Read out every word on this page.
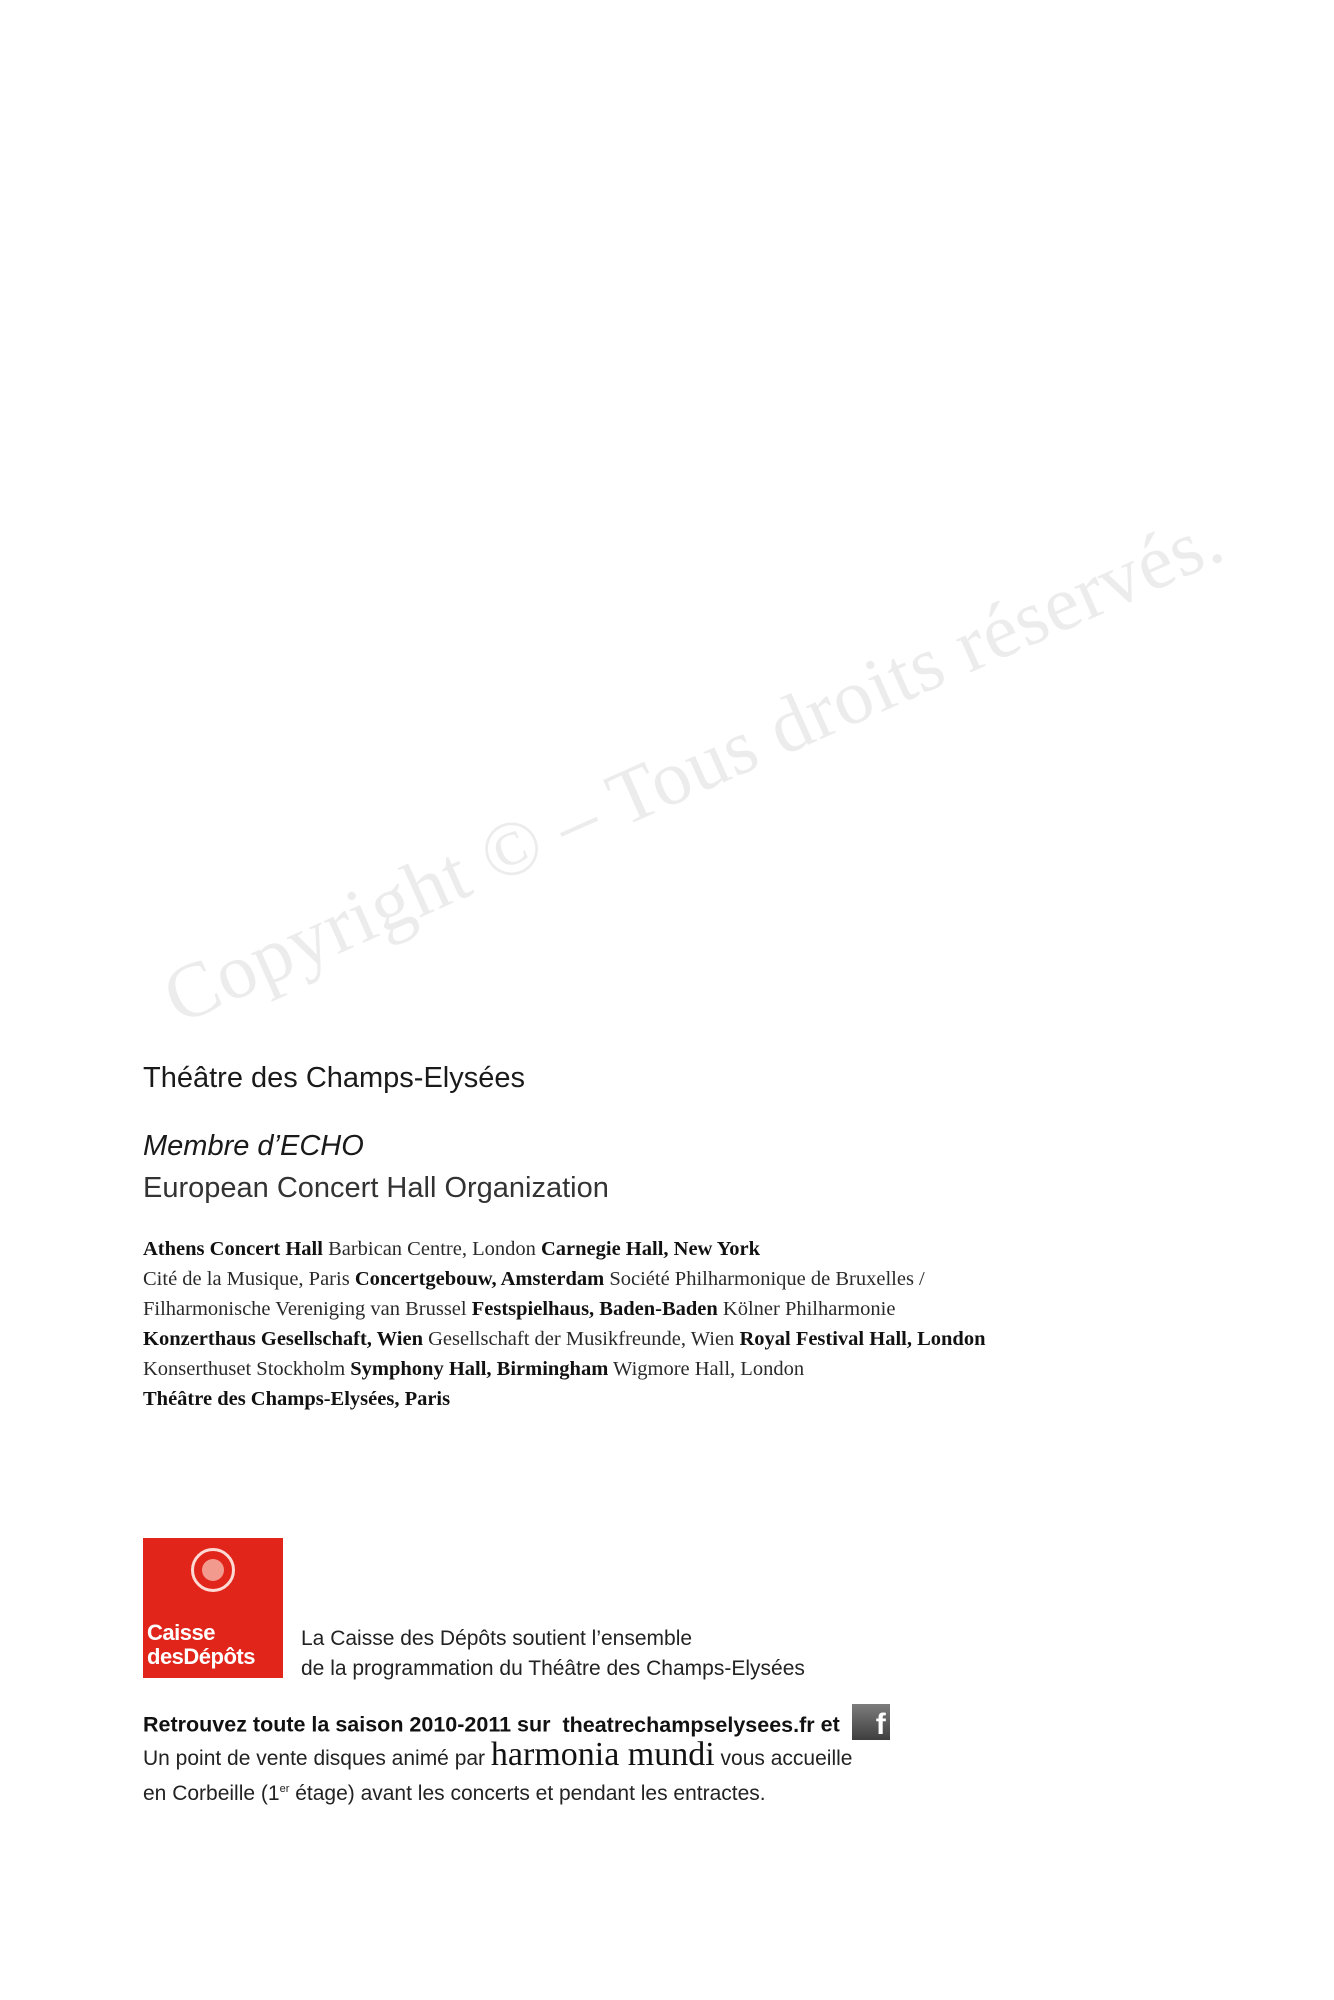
Copyright © – Tous droits réservés.
Théâtre des Champs-Elysées
Membre d’ECHO
European Concert Hall Organization
Athens Concert Hall Barbican Centre, London Carnegie Hall, New York
Cité de la Musique, Paris Concertgebouw, Amsterdam Société Philharmonique de Bruxelles /
Filharmonische Vereniging van Brussel Festspielhaus, Baden-Baden Kölner Philharmonie
Konzerthaus Gesellschaft, Wien Gesellschaft der Musikfreunde, Wien Royal Festival Hall, London
Konserthuset Stockholm Symphony Hall, Birmingham Wigmore Hall, London
Théâtre des Champs-Elysées, Paris
Caisse
desDépôts
La Caisse des Dépôts soutient l’ensemble
de la programmation du Théâtre des Champs-Elysées
Retrouvez toute la saison 2010-2011 sur theatrechampselysees.fr et f
Un point de vente disques animé par harmonia mundi vous accueille
en Corbeille (1er étage) avant les concerts et pendant les entractes.
